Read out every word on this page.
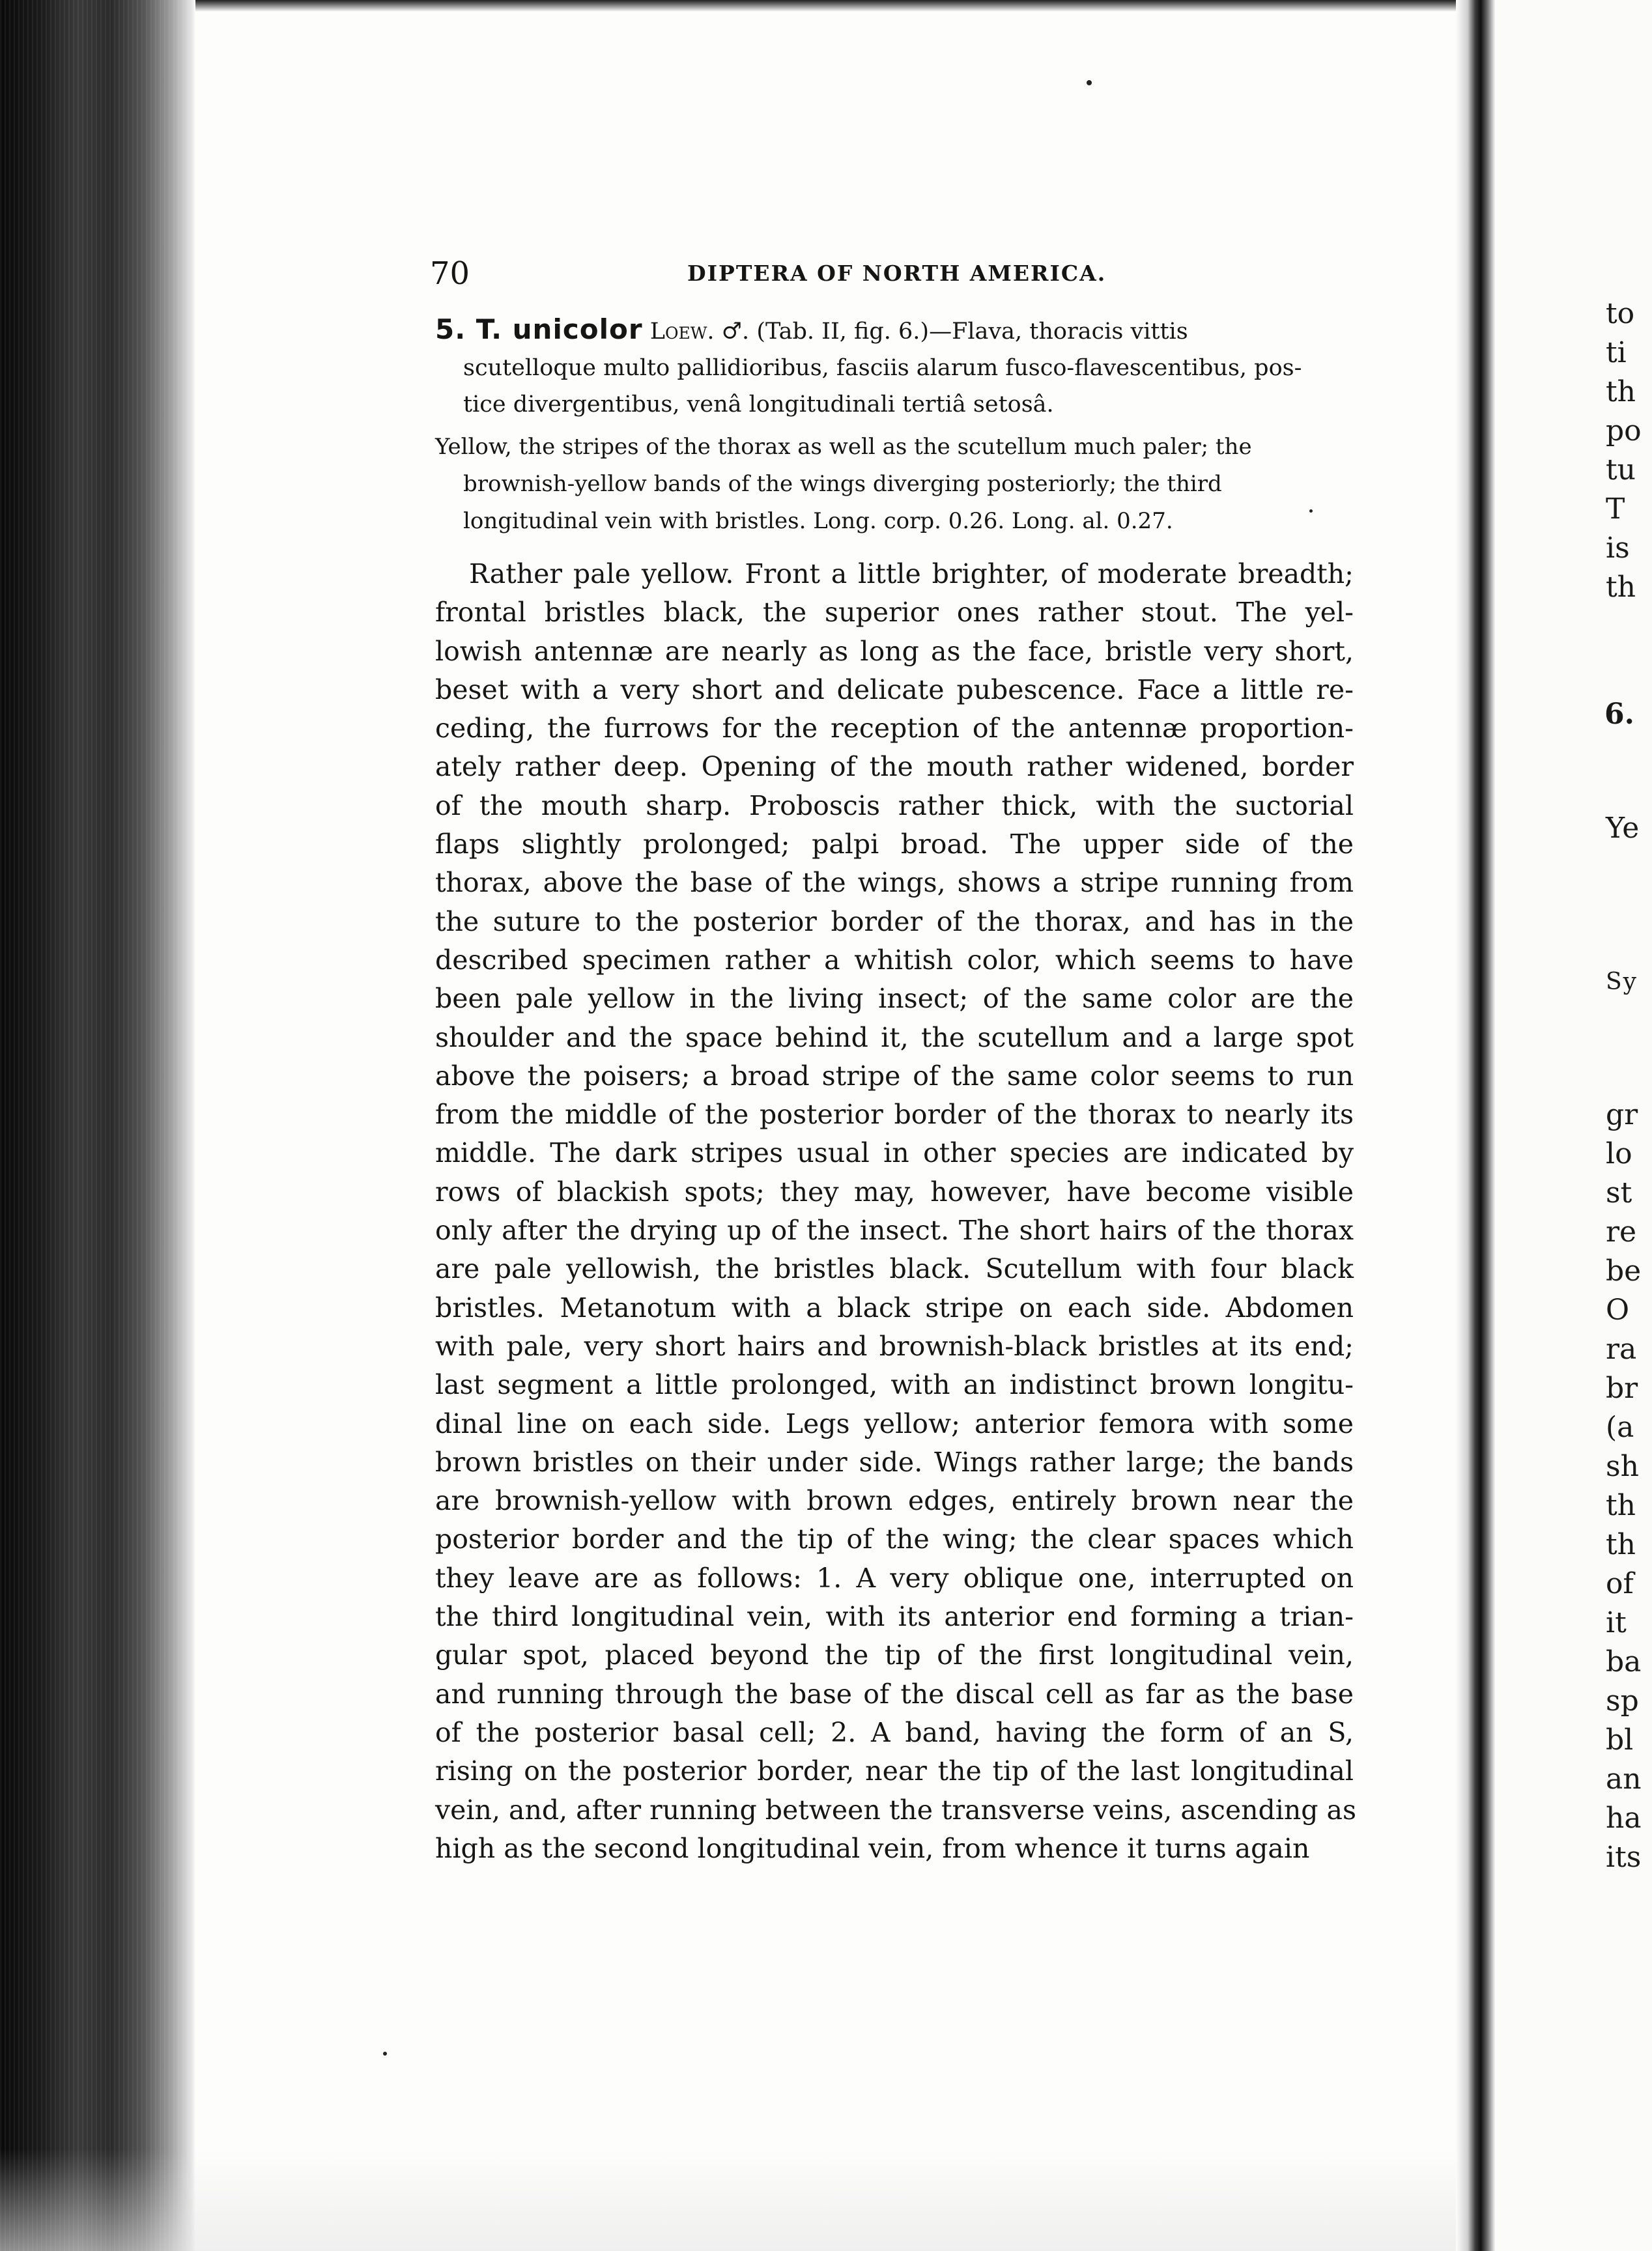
70	DIPTERA OF NORTH AMERICA.
5. T. unicolor Loew. ♂. (Tab. II, fig. 6.)—Flava, thoracis vittis
scutelloque multo pallidioribus, fasciis alarum fusco-flavescentibus, pos-
tice divergentibus, venâ longitudinali tertiâ setosâ.
Yellow, the stripes of the thorax as well as the scutellum much paler; the
brownish-yellow bands of the wings diverging posteriorly; the third
longitudinal vein with bristles. Long. corp. 0.26. Long. al. 0.27.
Rather pale yellow. Front a little brighter, of moderate breadth;
frontal bristles black, the superior ones rather stout. The yel-
lowish antennæ are nearly as long as the face, bristle very short,
beset with a very short and delicate pubescence. Face a little re-
ceding, the furrows for the reception of the antennæ proportion-
ately rather deep. Opening of the mouth rather widened, border
of the mouth sharp. Proboscis rather thick, with the suctorial
flaps slightly prolonged; palpi broad. The upper side of the
thorax, above the base of the wings, shows a stripe running from
the suture to the posterior border of the thorax, and has in the
described specimen rather a whitish color, which seems to have
been pale yellow in the living insect; of the same color are the
shoulder and the space behind it, the scutellum and a large spot
above the poisers; a broad stripe of the same color seems to run
from the middle of the posterior border of the thorax to nearly its
middle. The dark stripes usual in other species are indicated by
rows of blackish spots; they may, however, have become visible
only after the drying up of the insect. The short hairs of the thorax
are pale yellowish, the bristles black. Scutellum with four black
bristles. Metanotum with a black stripe on each side. Abdomen
with pale, very short hairs and brownish-black bristles at its end;
last segment a little prolonged, with an indistinct brown longitu-
dinal line on each side. Legs yellow; anterior femora with some
brown bristles on their under side. Wings rather large; the bands
are brownish-yellow with brown edges, entirely brown near the
posterior border and the tip of the wing; the clear spaces which
they leave are as follows: 1. A very oblique one, interrupted on
the third longitudinal vein, with its anterior end forming a trian-
gular spot, placed beyond the tip of the first longitudinal vein,
and running through the base of the discal cell as far as the base
of the posterior basal cell; 2. A band, having the form of an S,
rising on the posterior border, near the tip of the last longitudinal
vein, and, after running between the transverse veins, ascending as
high as the second longitudinal vein, from whence it turns again
to
ti
th
po
tu
T
is
th
6.
Ye
Sy
gr
lo
st
re
be
O
ra
br
(a
sh
th
th
of
it
ba
sp
bl
an
ha
its
